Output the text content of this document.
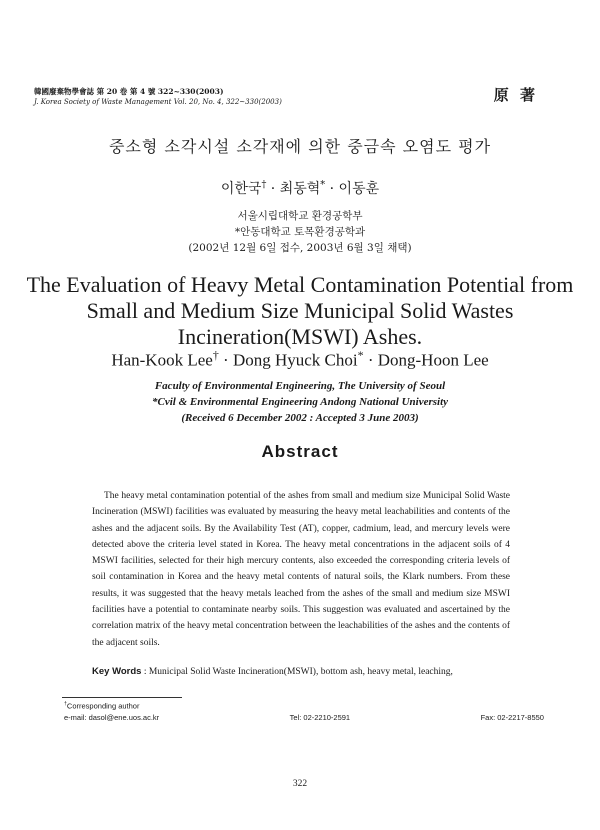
韓國廢棄物學會誌 第 20 卷 第 4 號 322~330(2003)
J. Korea Society of Waste Management Vol. 20, No. 4, 322~330(2003)	原 著
중소형 소각시설 소각재에 의한 중금속 오염도 평가
이한국† · 최동혁* · 이동훈
서울시립대학교 환경공학부
*안동대학교 토목환경공학과
(2002년 12월 6일 접수, 2003년 6월 3일 채택)
The Evaluation of Heavy Metal Contamination Potential from
Small and Medium Size Municipal Solid Wastes
Incineration(MSWI) Ashes.
Han-Kook Lee† · Dong Hyuck Choi* · Dong-Hoon Lee
Faculty of Environmental Engineering, The University of Seoul
*Cvil & Environmental Engineering Andong National University
(Received 6 December 2002 : Accepted 3 June 2003)
Abstract
The heavy metal contamination potential of the ashes from small and medium size Municipal Solid Waste Incineration (MSWI) facilities was evaluated by measuring the heavy metal leachabilities and contents of the ashes and the adjacent soils. By the Availability Test (AT), copper, cadmium, lead, and mercury levels were detected above the criteria level stated in Korea. The heavy metal concentrations in the adjacent soils of 4 MSWI facilities, selected for their high mercury contents, also exceeded the corresponding criteria levels of soil contamination in Korea and the heavy metal contents of natural soils, the Klark numbers. From these results, it was suggested that the heavy metals leached from the ashes of the small and medium size MSWI facilities have a potential to contaminate nearby soils. This suggestion was evaluated and ascertained by the correlation matrix of the heavy metal concentration between the leachabilities of the ashes and the contents of the adjacent soils.
Key Words : Municipal Solid Waste Incineration(MSWI), bottom ash, heavy metal, leaching,
†Corresponding author
e-mail: dasol@ene.uos.ac.kr	Tel: 02-2210-2591	Fax: 02-2217-8550
322
